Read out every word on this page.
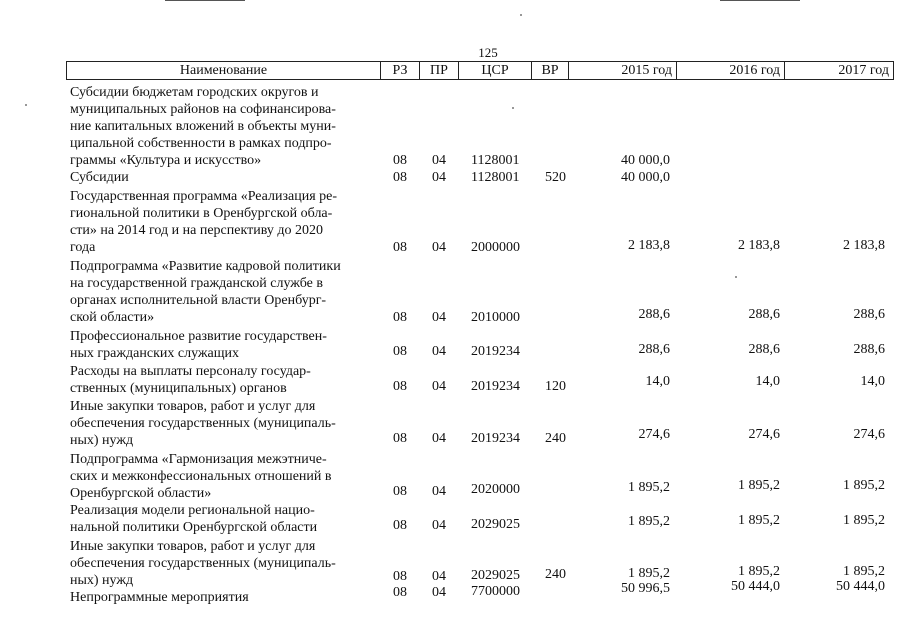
125
Наименование	РЗ	ПР	ЦСР	ВР	2015 год	2016 год	2017 год
Субсидии бюджетам городских округов и
муниципальных районов на софинансирова-
ние капитальных вложений в объекты муни-
ципальной собственности в рамках подпро-
граммы «Культура и искусство»	08 04 1128001	40 000,0
Субсидии	08 04 1128001 520	40 000,0
Государственная программа «Реализация ре-
гиональной политики в Оренбургской обла-
сти» на 2014 год и на перспективу до 2020
года	08 04 2000000	2 183,8	2 183,8	2 183,8
Подпрограмма «Развитие кадровой политики
на государственной гражданской службе в
органах исполнительной власти Оренбург-
ской области»	08 04 2010000	288,6	288,6	288,6
Профессиональное развитие государствен-
ных гражданских служащих	08 04 2019234	288,6	288,6	288,6
Расходы на выплаты персоналу государ-
ственных (муниципальных) органов	08 04 2019234 120	14,0	14,0	14,0
Иные закупки товаров, работ и услуг для
обеспечения государственных (муниципаль-
ных) нужд	08 04 2019234 240	274,6	274,6	274,6
Подпрограмма «Гармонизация межэтниче-
ских и межконфессиональных отношений в
Оренбургской области»	08 04 2020000	1 895,2	1 895,2	1 895,2
Реализация модели региональной нацио-
нальной политики Оренбургской области	08 04 2029025	1 895,2	1 895,2	1 895,2
Иные закупки товаров, работ и услуг для
обеспечения государственных (муниципаль-
ных) нужд	08 04 2029025 240	1 895,2	1 895,2	1 895,2
Непрограммные мероприятия	08 04 7700000	50 996,5	50 444,0	50 444,0
